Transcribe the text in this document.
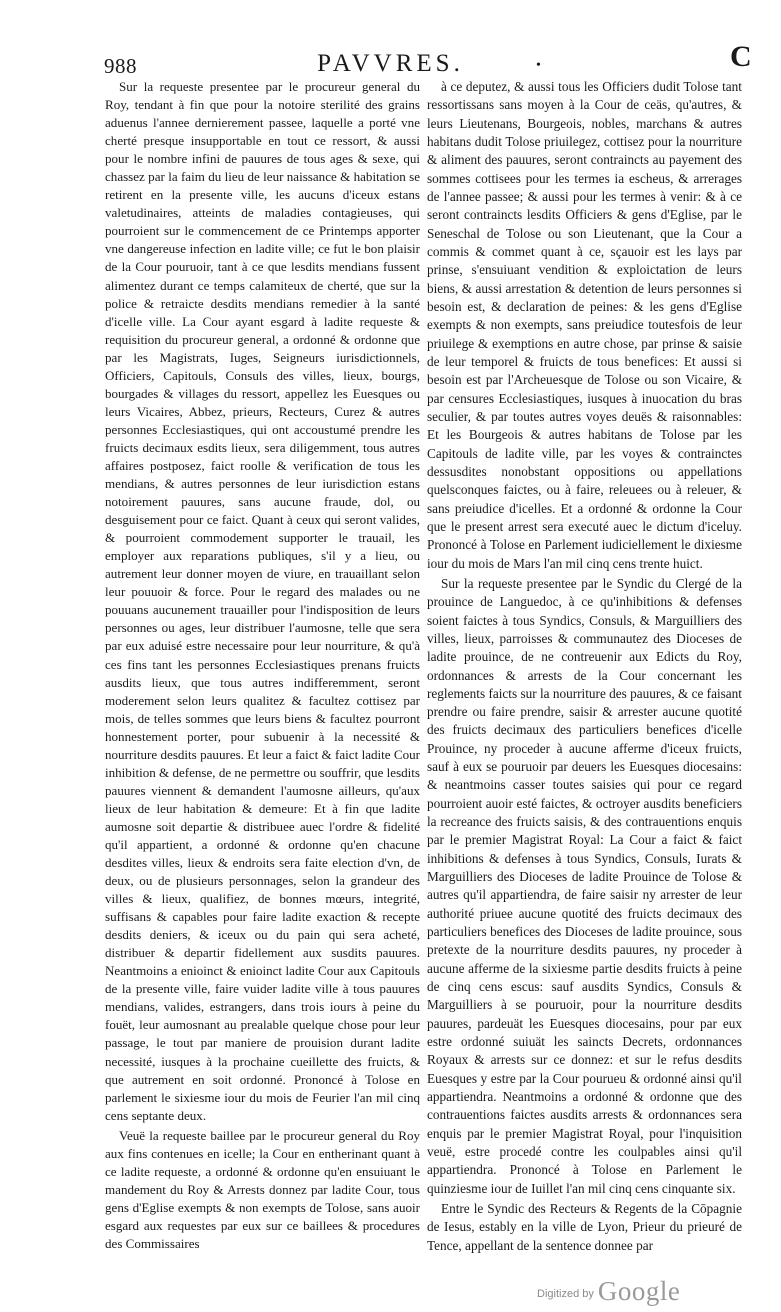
988	PAVVRES.	•	C

Sur la requeste presentee par le procureur general du Roy, tendant à fin que pour la notoire sterilité des grains aduenus l'annee dernierement passee, laquelle a porté vne cherté presque insupportable en tout ce ressort, & aussi pour le nombre infini de pauures de tous ages & sexe, qui chassez par la faim du lieu de leur naissance & habitation se retirent en la presente ville, les aucuns d'iceux estans valetudinaires, atteints de maladies contagieuses, qui pourroient sur le commencement de ce Printemps apporter vne dangereuse infection en ladite ville; ce fut le bon plaisir de la Cour pouruoir, tant à ce que lesdits mendians fussent alimentez durant ce temps calamiteux de cherté, que sur la police & retraicte desdits mendians remedier à la santé d'icelle ville. La Cour ayant esgard à ladite requeste & requisition du procureur general, a ordonné & ordonne que par les Magistrats, Iuges, Seigneurs iurisdictionnels, Officiers, Capitouls, Consuls des villes, lieux, bourgs, bourgades & villages du ressort, appellez les Euesques ou leurs Vicaires, Abbez, prieurs, Recteurs, Curez & autres personnes Ecclesiastiques, qui ont accoustumé prendre les fruicts decimaux esdits lieux, sera diligemment, tous autres affaires postposez, faict roolle & verification de tous les mendians, & autres personnes de leur iurisdiction estans notoirement pauures, sans aucune fraude, dol, ou desguisement pour ce faict. Quant à ceux qui seront valides, & pourroient commodement supporter le trauail, les employer aux reparations publiques, s'il y a lieu, ou autrement leur donner moyen de viure, en trauaillant selon leur pouuoir & force. Pour le regard des malades ou ne pouuans aucunement trauailler pour l'indisposition de leurs personnes ou ages, leur distribuer l'aumosne, telle que sera par eux aduisé estre necessaire pour leur nourriture, & qu'à ces fins tant les personnes Ecclesiastiques prenans fruicts ausdits lieux, que tous autres indifferemment, seront moderement selon leurs qualitez & facultez cottisez par mois, de telles sommes que leurs biens & facultez pourront honnestement porter, pour subuenir à la necessité & nourriture desdits pauures. Et leur a faict & faict ladite Cour inhibition & defense, de ne permettre ou souffrir, que lesdits pauures viennent & demandent l'aumosne ailleurs, qu'aux lieux de leur habitation & demeure: Et à fin que ladite aumosne soit departie & distribuee auec l'ordre & fidelité qu'il appartient, a ordonné & ordonne qu'en chacune desdites villes, lieux & endroits sera faite election d'vn, de deux, ou de plusieurs personnages, selon la grandeur des villes & lieux, qualifiez, de bonnes mœurs, integrité, suffisans & capables pour faire ladite exaction & recepte desdits deniers, & iceux ou du pain qui sera acheté, distribuer & departir fidellement aux susdits pauures. Neantmoins a enioinct & enioinct ladite Cour aux Capitouls de la presente ville, faire vuider ladite ville à tous pauures mendians, valides, estrangers, dans trois iours à peine du fouët, leur aumosnant au prealable quelque chose pour leur passage, le tout par maniere de prouision durant ladite necessité, iusques à la prochaine cueillette des fruicts, & que autrement en soit ordonné. Prononcé à Tolose en parlement le sixiesme iour du mois de Feurier l'an mil cinq cens septante deux.

Veuë la requeste baillee par le procureur general du Roy aux fins contenues en icelle; la Cour en entherinant quant à ce ladite requeste, a ordonné & ordonne qu'en ensuiuant le mandement du Roy & Arrests donnez par ladite Cour, tous gens d'Eglise exempts & non exempts de Tolose, sans auoir esgard aux requestes par eux sur ce baillees & procedures des Commissaires

à ce deputez, & aussi tous les Officiers dudit Tolose tant ressortissans sans moyen à la Cour de ceäs, qu'autres, & leurs Lieutenans, Bourgeois, nobles, marchans & autres habitans dudit Tolose priuilegez, cottisez pour la nourriture & aliment des pauures, seront contraincts au payement des sommes cottisees pour les termes ia escheus, & arrerages de l'annee passee; & aussi pour les termes à venir: & à ce seront contraincts lesdits Officiers & gens d'Eglise, par le Seneschal de Tolose ou son Lieutenant, que la Cour a commis & commet quant à ce, sçauoir est les lays par prinse, s'ensuiuant vendition & exploictation de leurs biens, & aussi arrestation & detention de leurs personnes si besoin est, & declaration de peines: & les gens d'Eglise exempts & non exempts, sans preiudice toutesfois de leur priuilege & exemptions en autre chose, par prinse & saisie de leur temporel & fruicts de tous benefices: Et aussi si besoin est par l'Archeuesque de Tolose ou son Vicaire, & par censures Ecclesiastiques, iusques à inuocation du bras seculier, & par toutes autres voyes deuës & raisonnables: Et les Bourgeois & autres habitans de Tolose par les Capitouls de ladite ville, par les voyes & contrainctes dessusdites nonobstant oppositions ou appellations quelsconques faictes, ou à faire, releuees ou à releuer, & sans preiudice d'icelles. Et a ordonné & ordonne la Cour que le present arrest sera executé auec le dictum d'iceluy. Prononcé à Tolose en Parlement iudiciellement le dixiesme iour du mois de Mars l'an mil cinq cens trente huict.

Sur la requeste presentee par le Syndic du Clergé de la prouince de Languedoc, à ce qu'inhibitions & defenses soient faictes à tous Syndics, Consuls, & Marguilliers des villes, lieux, parroisses & communautez des Dioceses de ladite prouince, de ne contreuenir aux Edicts du Roy, ordonnances & arrests de la Cour concernant les reglements faicts sur la nourriture des pauures, & ce faisant prendre ou faire prendre, saisir & arrester aucune quotité des fruicts decimaux des particuliers benefices d'icelle Prouince, ny proceder à aucune afferme d'iceux fruicts, sauf à eux se pouruoir par deuers les Euesques diocesains: & neantmoins casser toutes saisies qui pour ce regard pourroient auoir esté faictes, & octroyer ausdits beneficiers la recreance des fruicts saisis, & des contrauentions enquis par le premier Magistrat Royal: La Cour a faict & faict inhibitions & defenses à tous Syndics, Consuls, Iurats & Marguilliers des Dioceses de ladite Prouince de Tolose & autres qu'il appartiendra, de faire saisir ny arrester de leur authorité priuee aucune quotité des fruicts decimaux des particuliers benefices des Dioceses de ladite prouince, sous pretexte de la nourriture desdits pauures, ny proceder à aucune afferme de la sixiesme partie desdits fruicts à peine de cinq cens escus: sauf ausdits Syndics, Consuls & Marguilliers à se pouruoir, pour la nourriture desdits pauures, pardeuät les Euesques diocesains, pour par eux estre ordonné suiuät les saincts Decrets, ordonnances Royaux & arrests sur ce donnez: et sur le refus desdits Euesques y estre par la Cour pourueu & ordonné ainsi qu'il appartiendra. Neantmoins a ordonné & ordonne que des contrauentions faictes ausdits arrests & ordonnances sera enquis par le premier Magistrat Royal, pour l'inquisition veuë, estre procedé contre les coulpables ainsi qu'il appartiendra. Prononcé à Tolose en Parlement le quinziesme iour de Iuillet l'an mil cinq cens cinquante six.

Entre le Syndic des Recteurs & Regents de la Cōpagnie de Iesus, estably en la ville de Lyon, Prieur du prieuré de Tence, appellant de la sentence donnee par

Digitized by Google
